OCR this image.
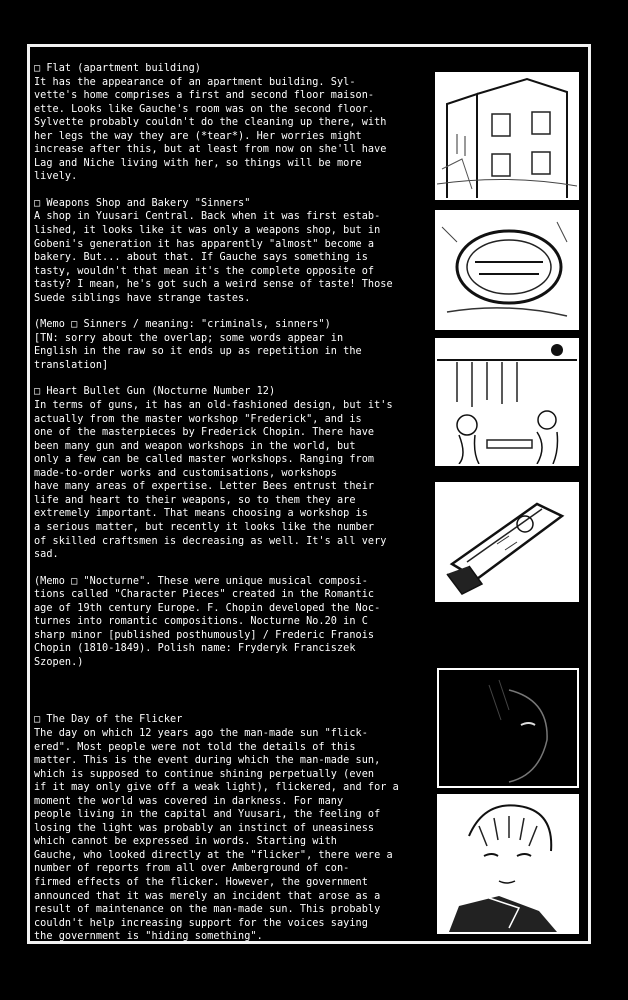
□ Flat (apartment building)

It has the appearance of an apartment building. Syl-

vette's home comprises a first and second floor maison-

ette. Looks like Gauche's room was on the second floor.

Sylvette probably couldn't do the cleaning up there, with

her legs the way they are (*tear*). Her worries might

increase after this, but at least from now on she'll have

Lag and Niche living with her, so things will be more

lively.

□ Weapons Shop and Bakery "Sinners"

A shop in Yuusari Central. Back when it was first estab-

lished, it looks like it was only a weapons shop, but in

Gobeni's generation it has apparently "almost" become a

bakery. But... about that. If Gauche says something is

tasty, wouldn't that mean it's the complete opposite of

tasty? I mean, he's got such a weird sense of taste! Those

Suede siblings have strange tastes.

(Memo □ Sinners / meaning: "criminals, sinners")

[TN: sorry about the overlap; some words appear in

English in the raw so it ends up as repetition in the

translation]

□ Heart Bullet Gun (Nocturne Number 12)

In terms of guns, it has an old-fashioned design, but it's

actually from the master workshop "Frederick", and is

one of the masterpieces by Frederick Chopin. There have

been many gun and weapon workshops in the world, but

only a few can be called master workshops. Ranging from

made-to-order works and customisations, workshops

have many areas of expertise. Letter Bees entrust their

life and heart to their weapons, so to them they are

extremely important. That means choosing a workshop is

a serious matter, but recently it looks like the number

of skilled craftsmen is decreasing as well. It's all very

sad.

(Memo □ "Nocturne". These were unique musical composi-

tions called "Character Pieces" created in the Romantic

age of 19th century Europe. F. Chopin developed the Noc-

turnes into romantic compositions. Nocturne No.20 in C

sharp minor [published posthumously] / Frederic Franois

Chopin (1810-1849). Polish name: Fryderyk Franciszek

Szopen.)

□ The Day of the Flicker

The day on which 12 years ago the man-made sun "flick-

ered". Most people were not told the details of this

matter. This is the event during which the man-made sun,

which is supposed to continue shining perpetually (even

if it may only give off a weak light), flickered, and for a

moment the world was covered in darkness. For many

people living in the capital and Yuusari, the feeling of

losing the light was probably an instinct of uneasiness

which cannot be expressed in words. Starting with

Gauche, who looked directly at the "flicker", there were a

number of reports from all over Amberground of con-

firmed effects of the flicker. However, the government

announced that it was merely an incident that arose as a

result of maintenance on the man-made sun. This probably

couldn't help increasing support for the voices saying

the government is "hiding something".
